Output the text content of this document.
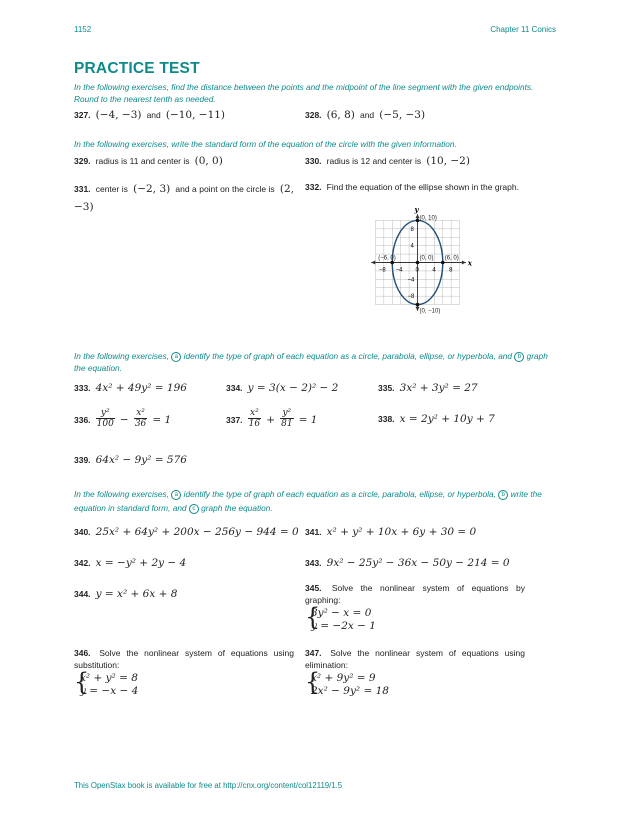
1152	Chapter 11 Conics
PRACTICE TEST
In the following exercises, find the distance between the points and the midpoint of the line segment with the given endpoints. Round to the nearest tenth as needed.
327. (−4, −3) and (−10, −11)	328. (6, 8) and (−5, −3)
In the following exercises, write the standard form of the equation of the circle with the given information.
329. radius is 11 and center is (0, 0)	330. radius is 12 and center is (10, −2)
331. center is (−2, 3) and a point on the circle is (2, −3)
332. Find the equation of the ellipse shown in the graph.
x
y
−8 −4 0 4 8
8
4
−4
−8
(0, 10)
(−6, 0)	(0, 0) (6, 0)
(0, −10)
In the following exercises, a identify the type of graph of each equation as a circle, parabola, ellipse, or hyperbola, and b graph the equation.
333. 4x² + 49y² = 196	334. y = 3(x − 2)² − 2	335. 3x² + 3y² = 27
336. $\frac{\text{y²}}{100} - \frac{\text{x²}}{36} = 1$	337. $\frac{\text{x²}}{16} + \frac{\text{y²}}{81} = 1$	338. x = 2y² + 10y + 7
339. 64x² − 9y² = 576
In the following exercises, a identify the type of graph of each equation as a circle, parabola, ellipse, or hyperbola, b write the equation in standard form, and c graph the equation.
340. 25x² + 64y² + 200x − 256y − 944 = 0 341. x² + y² + 10x + 6y + 30 = 0
342. x = −y² + 2y − 4	343. 9x² − 25y² − 36x − 50y − 214 = 0
344. y = x² + 6x + 8	345. Solve the nonlinear system of equations by graphing:
{
3y² − x = 0
y = −2x − 1
346. Solve the nonlinear system of equations using substitution:
{
x² + y² = 8
y = −x − 4
347. Solve the nonlinear system of equations using elimination:
{
x² + 9y² = 9
2x² − 9y² = 18
This OpenStax book is available for free at http://cnx.org/content/col12119/1.5
